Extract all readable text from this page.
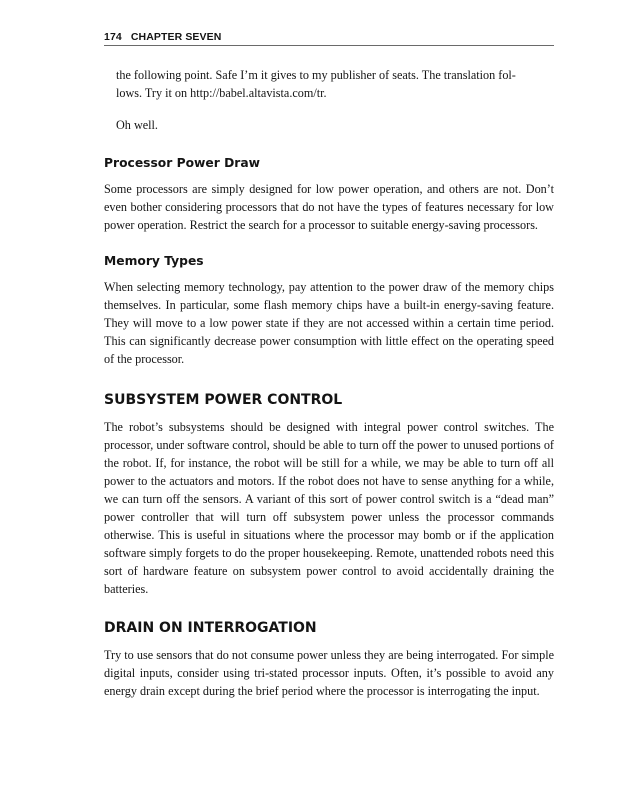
174 CHAPTER SEVEN

the following point. Safe I’m it gives to my publisher of seats. The translation fol-

lows. Try it on http://babel.altavista.com/tr.

Oh well.

Processor Power Draw

Some processors are simply designed for low power operation, and others are not. Don’t even bother considering processors that do not have the types of features necessary for low power operation. Restrict the search for a processor to suitable energy-saving processors.

Memory Types

When selecting memory technology, pay attention to the power draw of the memory chips themselves. In particular, some flash memory chips have a built-in energy-saving feature. They will move to a low power state if they are not accessed within a certain time period. This can significantly decrease power consumption with little effect on the operating speed of the processor.

SUBSYSTEM POWER CONTROL

The robot’s subsystems should be designed with integral power control switches. The processor, under software control, should be able to turn off the power to unused portions of the robot. If, for instance, the robot will be still for a while, we may be able to turn off all power to the actuators and motors. If the robot does not have to sense anything for a while, we can turn off the sensors. A variant of this sort of power control switch is a “dead man” power controller that will turn off subsystem power unless the processor commands otherwise. This is useful in situations where the processor may bomb or if the application software simply forgets to do the proper housekeeping. Remote, unattended robots need this sort of hardware feature on subsystem power control to avoid accidentally draining the batteries.

DRAIN ON INTERROGATION

Try to use sensors that do not consume power unless they are being interrogated. For simple digital inputs, consider using tri-stated processor inputs. Often, it’s possible to avoid any energy drain except during the brief period where the processor is interrogating the input.
